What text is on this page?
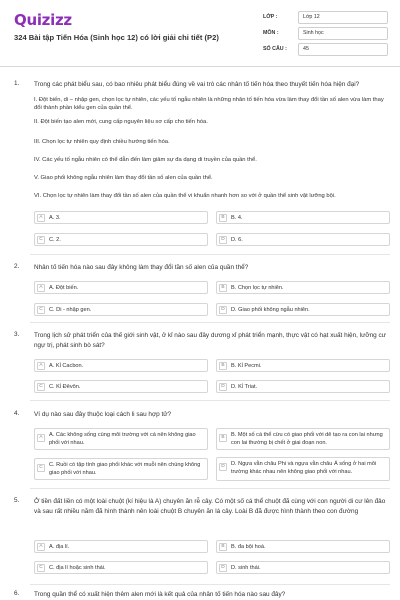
Quizizz
324 Bài tập Tiến Hóa (Sinh học 12) có lời giải chi tiết (P2)
LỚP :	Lớp 12
MÔN :	Sinh học
SỐ CÂU :	45
1. Trong các phát biểu sau, có bao nhiêu phát biểu đúng về vai trò các nhân tố tiến hóa theo thuyết tiến hóa hiện đại?
I. Đột biến, di – nhập gen, chọn lọc tự nhiên, các yếu tố ngẫu nhiên là những nhân tố tiến hóa vừa làm thay đổi tần số alen vừa làm thay đổi thành phần kiểu gen của quần thể.
II. Đột biến tạo alen mới, cung cấp nguyên liệu sơ cấp cho tiến hóa.
III. Chọn lọc tự nhiên quy định chiều hướng tiến hóa.
IV. Các yếu tố ngẫu nhiên có thể dẫn đến làm giảm sự đa dạng di truyền của quần thể.
V. Giao phối không ngẫu nhiên làm thay đổi tần số alen của quần thể.
VI. Chọn lọc tự nhiên làm thay đổi tần số alen của quần thể vi khuẩn nhanh hơn so với ở quần thể sinh vật lưỡng bội.
A	A. 3.	B	B. 4.
C	C. 2.	D	D. 6.
2. Nhân tố tiến hóa nào sau đây không làm thay đổi tần số alen của quần thể?
A	A. Đột biến.	B	B. Chọn lọc tự nhiên.
C	C. Di - nhập gen.	D	D. Giao phối không ngẫu nhiên.
3. Trong lịch sử phát triển của thế giới sinh vật, ở kỉ nào sau đây dương xỉ phát triển mạnh, thực vật có hạt xuất hiện, lưỡng cư ngự trị, phát sinh bò sát?
A	A. Kỉ Cacbon.	B	B. Kỉ Pecmi.
C	C. Kỉ Đêvôn.	D	D. Kỉ Triat.
4. Ví dụ nào sau đây thuộc loại cách li sau hợp tử?
A	A. Các không sống cùng môi trường với cá nên không giao phối với nhau.
B	B. Một số cá thể cừu có giao phối với dê tạo ra con lai nhưng con lai thường bị chết ở giai đoạn non.
C	C. Ruồi có tập tính giao phối khác với muỗi nên chúng không giao phối với nhau.
D	D. Ngựa vằn châu Phi và ngựa vằn châu Á sống ở hai môi trường khác nhau nên không giao phối với nhau.
5. Ở tiền đất liền có một loài chuột (kí hiệu là A) chuyên ăn rễ cây. Có một số cá thể chuột đã cùng với con người di cư lên đảo và sau rất nhiều năm đã hình thành nên loài chuột B chuyên ăn lá cây. Loài B đã được hình thành theo con đường
A	A. địa lí.	B	B. đa bội hoá.
C	C. địa lí hoặc sinh thái.	D	D. sinh thái.
6. Trong quần thể có xuất hiện thêm alen mới là kết quả của nhân tố tiến hóa nào sau đây?
